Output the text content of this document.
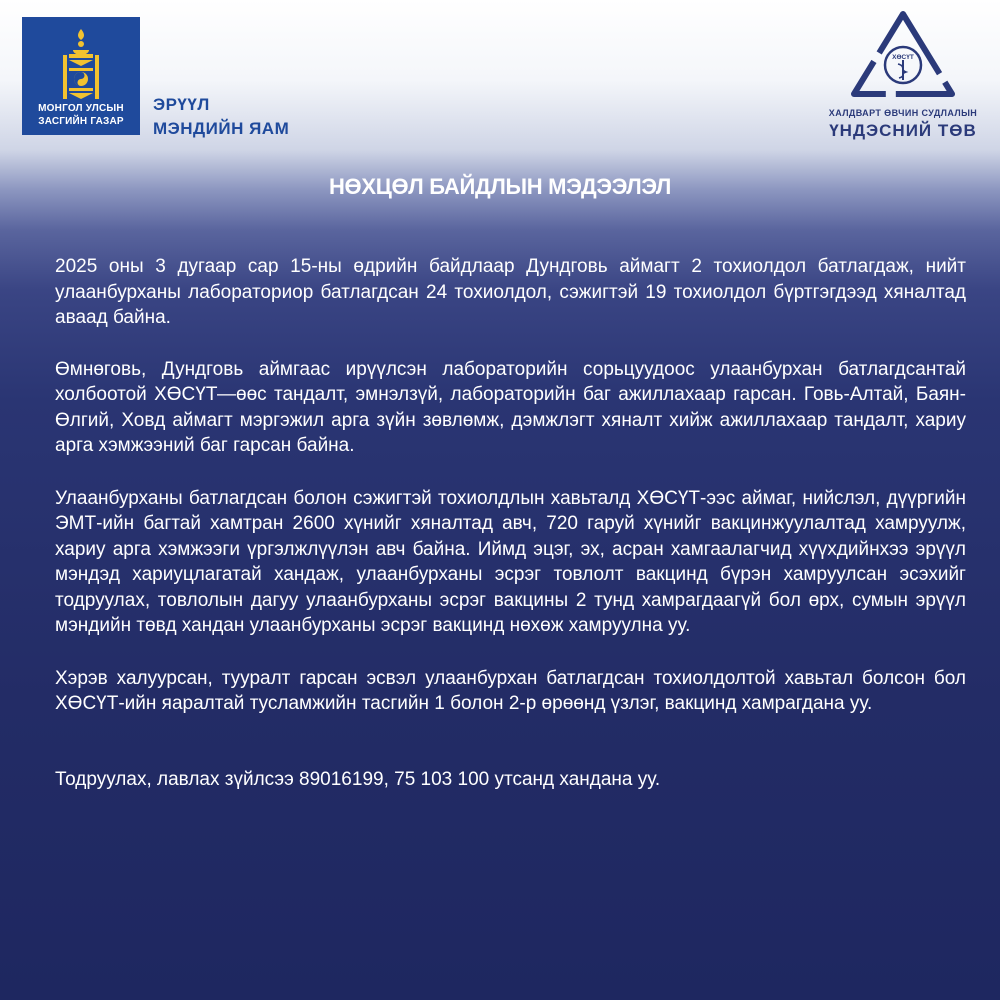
МОНГОЛ УЛСЫН
ЗАСГИЙН ГАЗАР
ЭРҮҮЛ
МЭНДИЙН ЯАМ
ХӨСҮТ
ХАЛДВАРТ ӨВЧИН СУДЛАЛЫН
ҮНДЭСНИЙ ТӨВ
НӨХЦӨЛ БАЙДЛЫН МЭДЭЭЛЭЛ

2025 оны 3 дугаар сар 15-ны өдрийн байдлаар Дундговь аймагт 2 тохиолдол батлагдаж, нийт улаанбурханы лабораториор батлагдсан 24 тохиолдол, сэжигтэй 19 тохиолдол бүртгэгдээд хяналтад аваад байна.

Өмнөговь, Дундговь аймгаас ирүүлсэн лабораторийн сорьцуудоос улаанбурхан батлагдсантай холбоотой ХӨСҮТ—өөс тандалт, эмнэлзүй, лабораторийн баг ажиллахаар гарсан. Говь-Алтай, Баян-Өлгий, Ховд аймагт мэргэжил арга зүйн зөвлөмж, дэмжлэгт хяналт хийж ажиллахаар тандалт, хариу арга хэмжээний баг гарсан байна.

Улаанбурханы батлагдсан болон сэжигтэй тохиолдлын хавьталд ХӨСҮТ-ээс аймаг, нийслэл, дүүргийн ЭМТ-ийн багтай хамтран 2600 хүнийг хяналтад авч, 720 гаруй хүнийг вакцинжуулалтад хамруулж, хариу арга хэмжээги үргэлжлүүлэн авч байна. Иймд эцэг, эх, асран хамгаалагчид хүүхдийнхээ эрүүл мэндэд хариуцлагатай хандаж, улаанбурханы эсрэг товлолт вакцинд бүрэн хамруулсан эсэхийг тодруулах, товлолын дагуу улаанбурханы эсрэг вакцины 2 тунд хамрагдаагүй бол өрх, сумын эрүүл мэндийн төвд хандан улаанбурханы эсрэг вакцинд нөхөж хамруулна уу.

Хэрэв халуурсан, тууралт гарсан эсвэл улаанбурхан батлагдсан тохиолдолтой хавьтал болсон бол ХӨСҮТ-ийн яаралтай тусламжийн тасгийн 1 болон 2-р өрөөнд үзлэг, вакцинд хамрагдана уу.

Тодруулах, лавлах зүйлсээ 89016199, 75 103 100 утсанд хандана уу.
